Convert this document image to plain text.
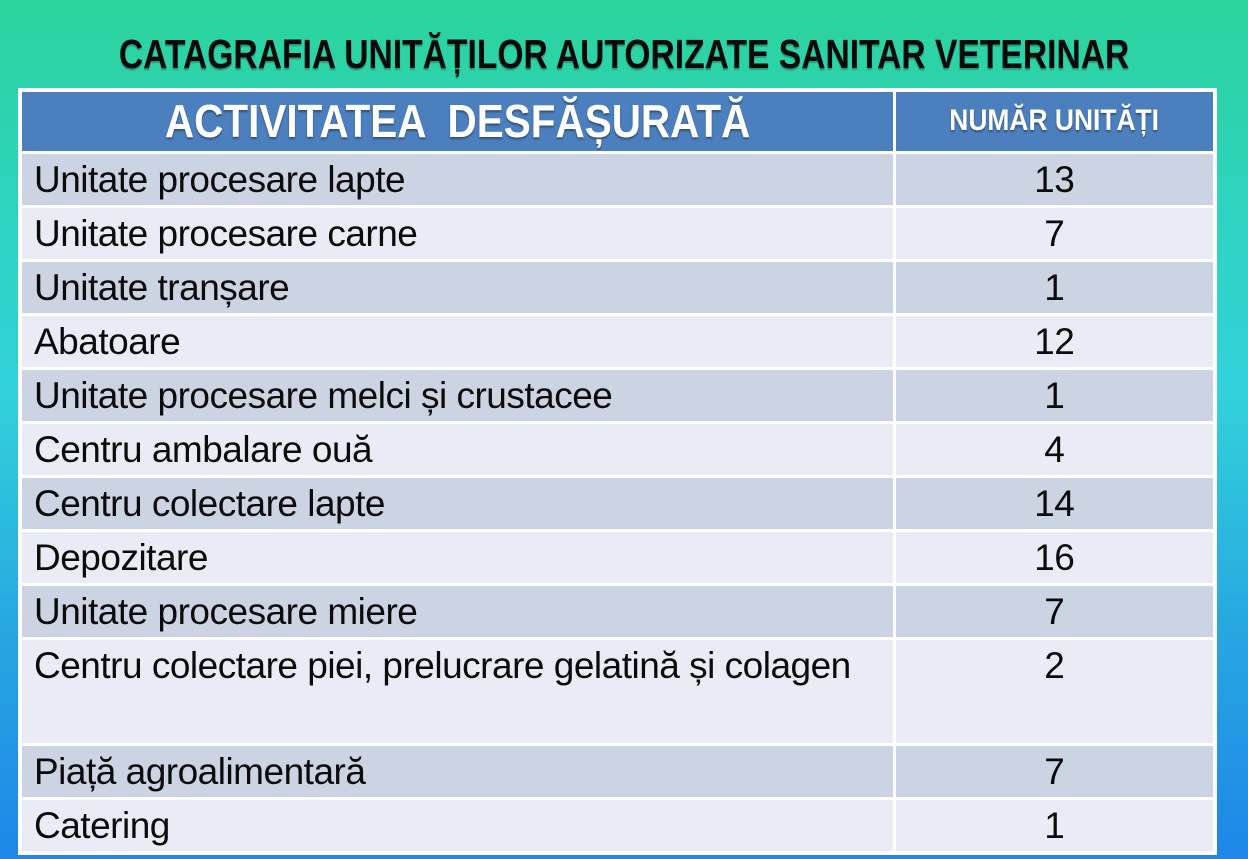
CATAGRAFIA UNITĂȚILOR AUTORIZATE SANITAR VETERINAR
ACTIVITATEA  DESFĂȘURATĂ	NUMĂR UNITĂȚI
Unitate procesare lapte	13
Unitate procesare carne	7
Unitate tranșare	1
Abatoare	12
Unitate procesare melci și crustacee	1
Centru ambalare ouă	4
Centru colectare lapte	14
Depozitare	16
Unitate procesare miere	7
Centru colectare piei, prelucrare gelatină și colagen	2
Piață agroalimentară	7
Catering	1
